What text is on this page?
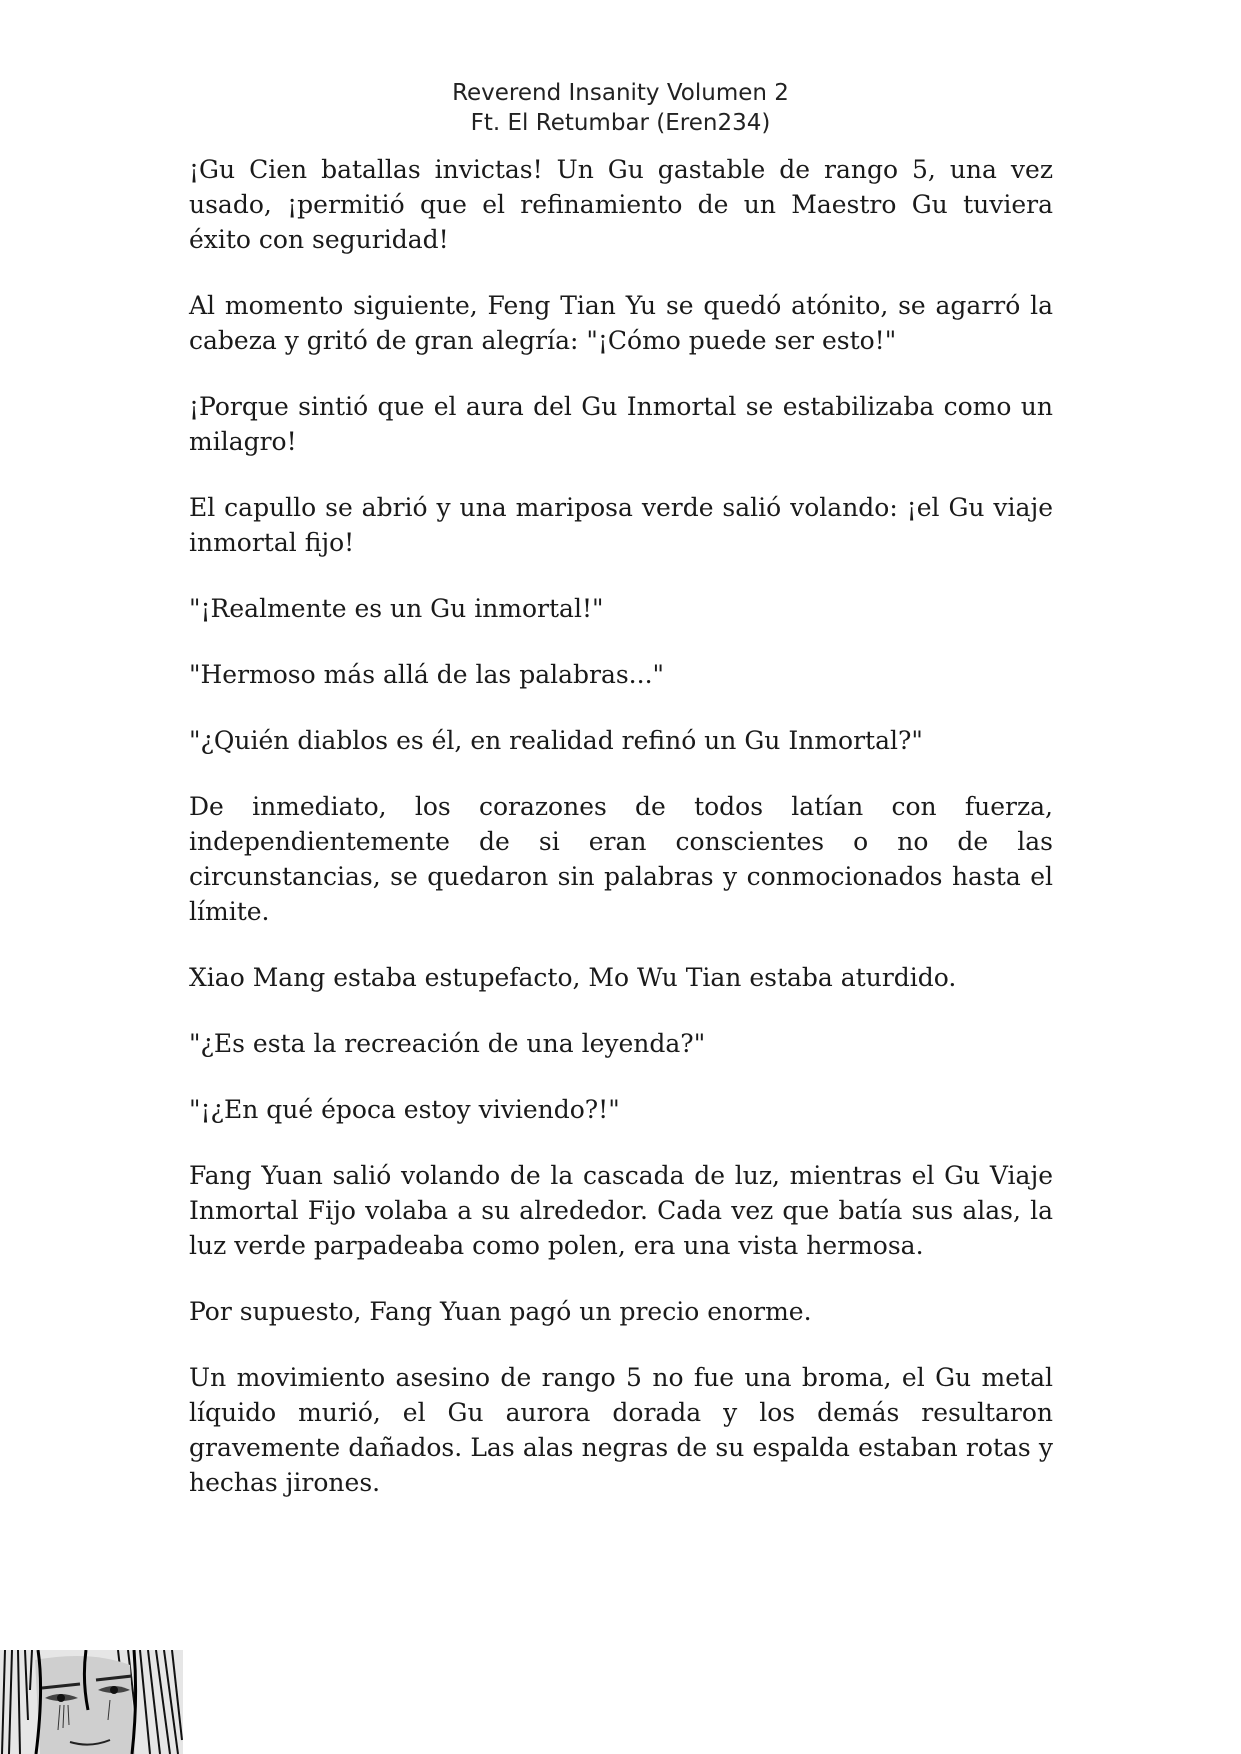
Reverend Insanity Volumen 2
Ft. El Retumbar (Eren234)

¡Gu Cien batallas invictas! Un Gu gastable de rango 5, una vez usado, ¡permitió que el refinamiento de un Maestro Gu tuviera éxito con seguridad!

Al momento siguiente, Feng Tian Yu se quedó atónito, se agarró la cabeza y gritó de gran alegría: "¡Cómo puede ser esto!"

¡Porque sintió que el aura del Gu Inmortal se estabilizaba como un milagro!

El capullo se abrió y una mariposa verde salió volando: ¡el Gu viaje inmortal fijo!

"¡Realmente es un Gu inmortal!"

"Hermoso más allá de las palabras..."

"¿Quién diablos es él, en realidad refinó un Gu Inmortal?"

De inmediato, los corazones de todos latían con fuerza, independientemente de si eran conscientes o no de las circunstancias, se quedaron sin palabras y conmocionados hasta el límite.

Xiao Mang estaba estupefacto, Mo Wu Tian estaba aturdido.

"¿Es esta la recreación de una leyenda?"

"¡¿En qué época estoy viviendo?!"

Fang Yuan salió volando de la cascada de luz, mientras el Gu Viaje Inmortal Fijo volaba a su alrededor. Cada vez que batía sus alas, la luz verde parpadeaba como polen, era una vista hermosa.

Por supuesto, Fang Yuan pagó un precio enorme.

Un movimiento asesino de rango 5 no fue una broma, el Gu metal líquido murió, el Gu aurora dorada y los demás resultaron gravemente dañados. Las alas negras de su espalda estaban rotas y hechas jirones.
